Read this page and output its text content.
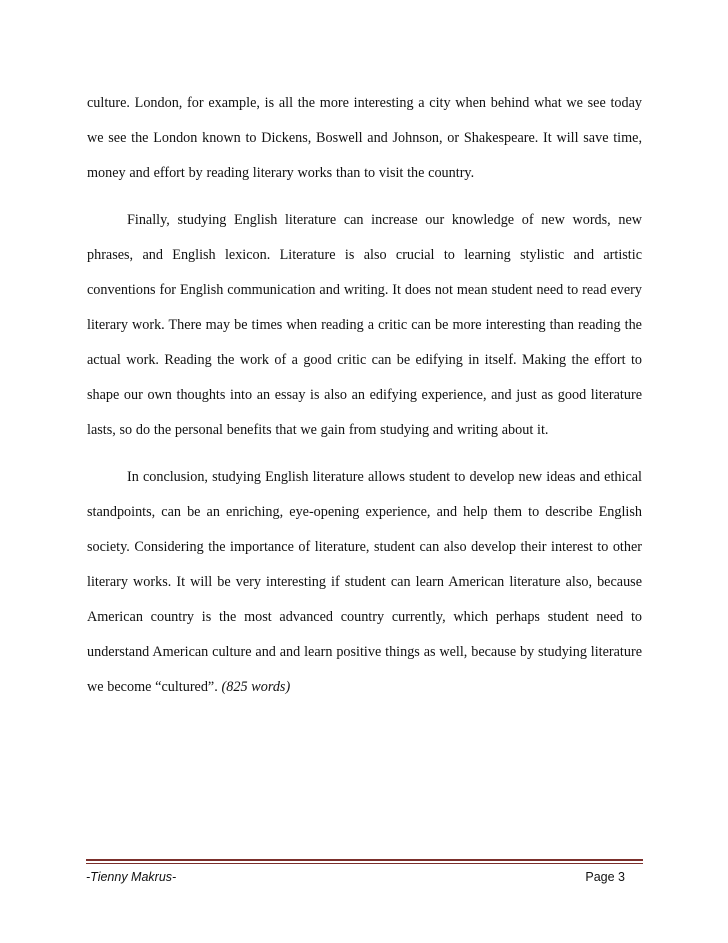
culture. London, for example, is all the more interesting a city when behind what we see today we see the London known to Dickens, Boswell and Johnson, or Shakespeare. It will save time, money and effort by reading literary works than to visit the country.

Finally, studying English literature can increase our knowledge of new words, new phrases, and English lexicon. Literature is also crucial to learning stylistic and artistic conventions for English communication and writing. It does not mean student need to read every literary work. There may be times when reading a critic can be more interesting than reading the actual work. Reading the work of a good critic can be edifying in itself. Making the effort to shape our own thoughts into an essay is also an edifying experience, and just as good literature lasts, so do the personal benefits that we gain from studying and writing about it.

In conclusion, studying English literature allows student to develop new ideas and ethical standpoints, can be an enriching, eye-opening experience, and help them to describe English society. Considering the importance of literature, student can also develop their interest to other literary works. It will be very interesting if student can learn American literature also, because American country is the most advanced country currently, which perhaps student need to understand American culture and and learn positive things as well, because by studying literature we become “cultured”. (825 words)

-Tienny Makrus-	Page 3
